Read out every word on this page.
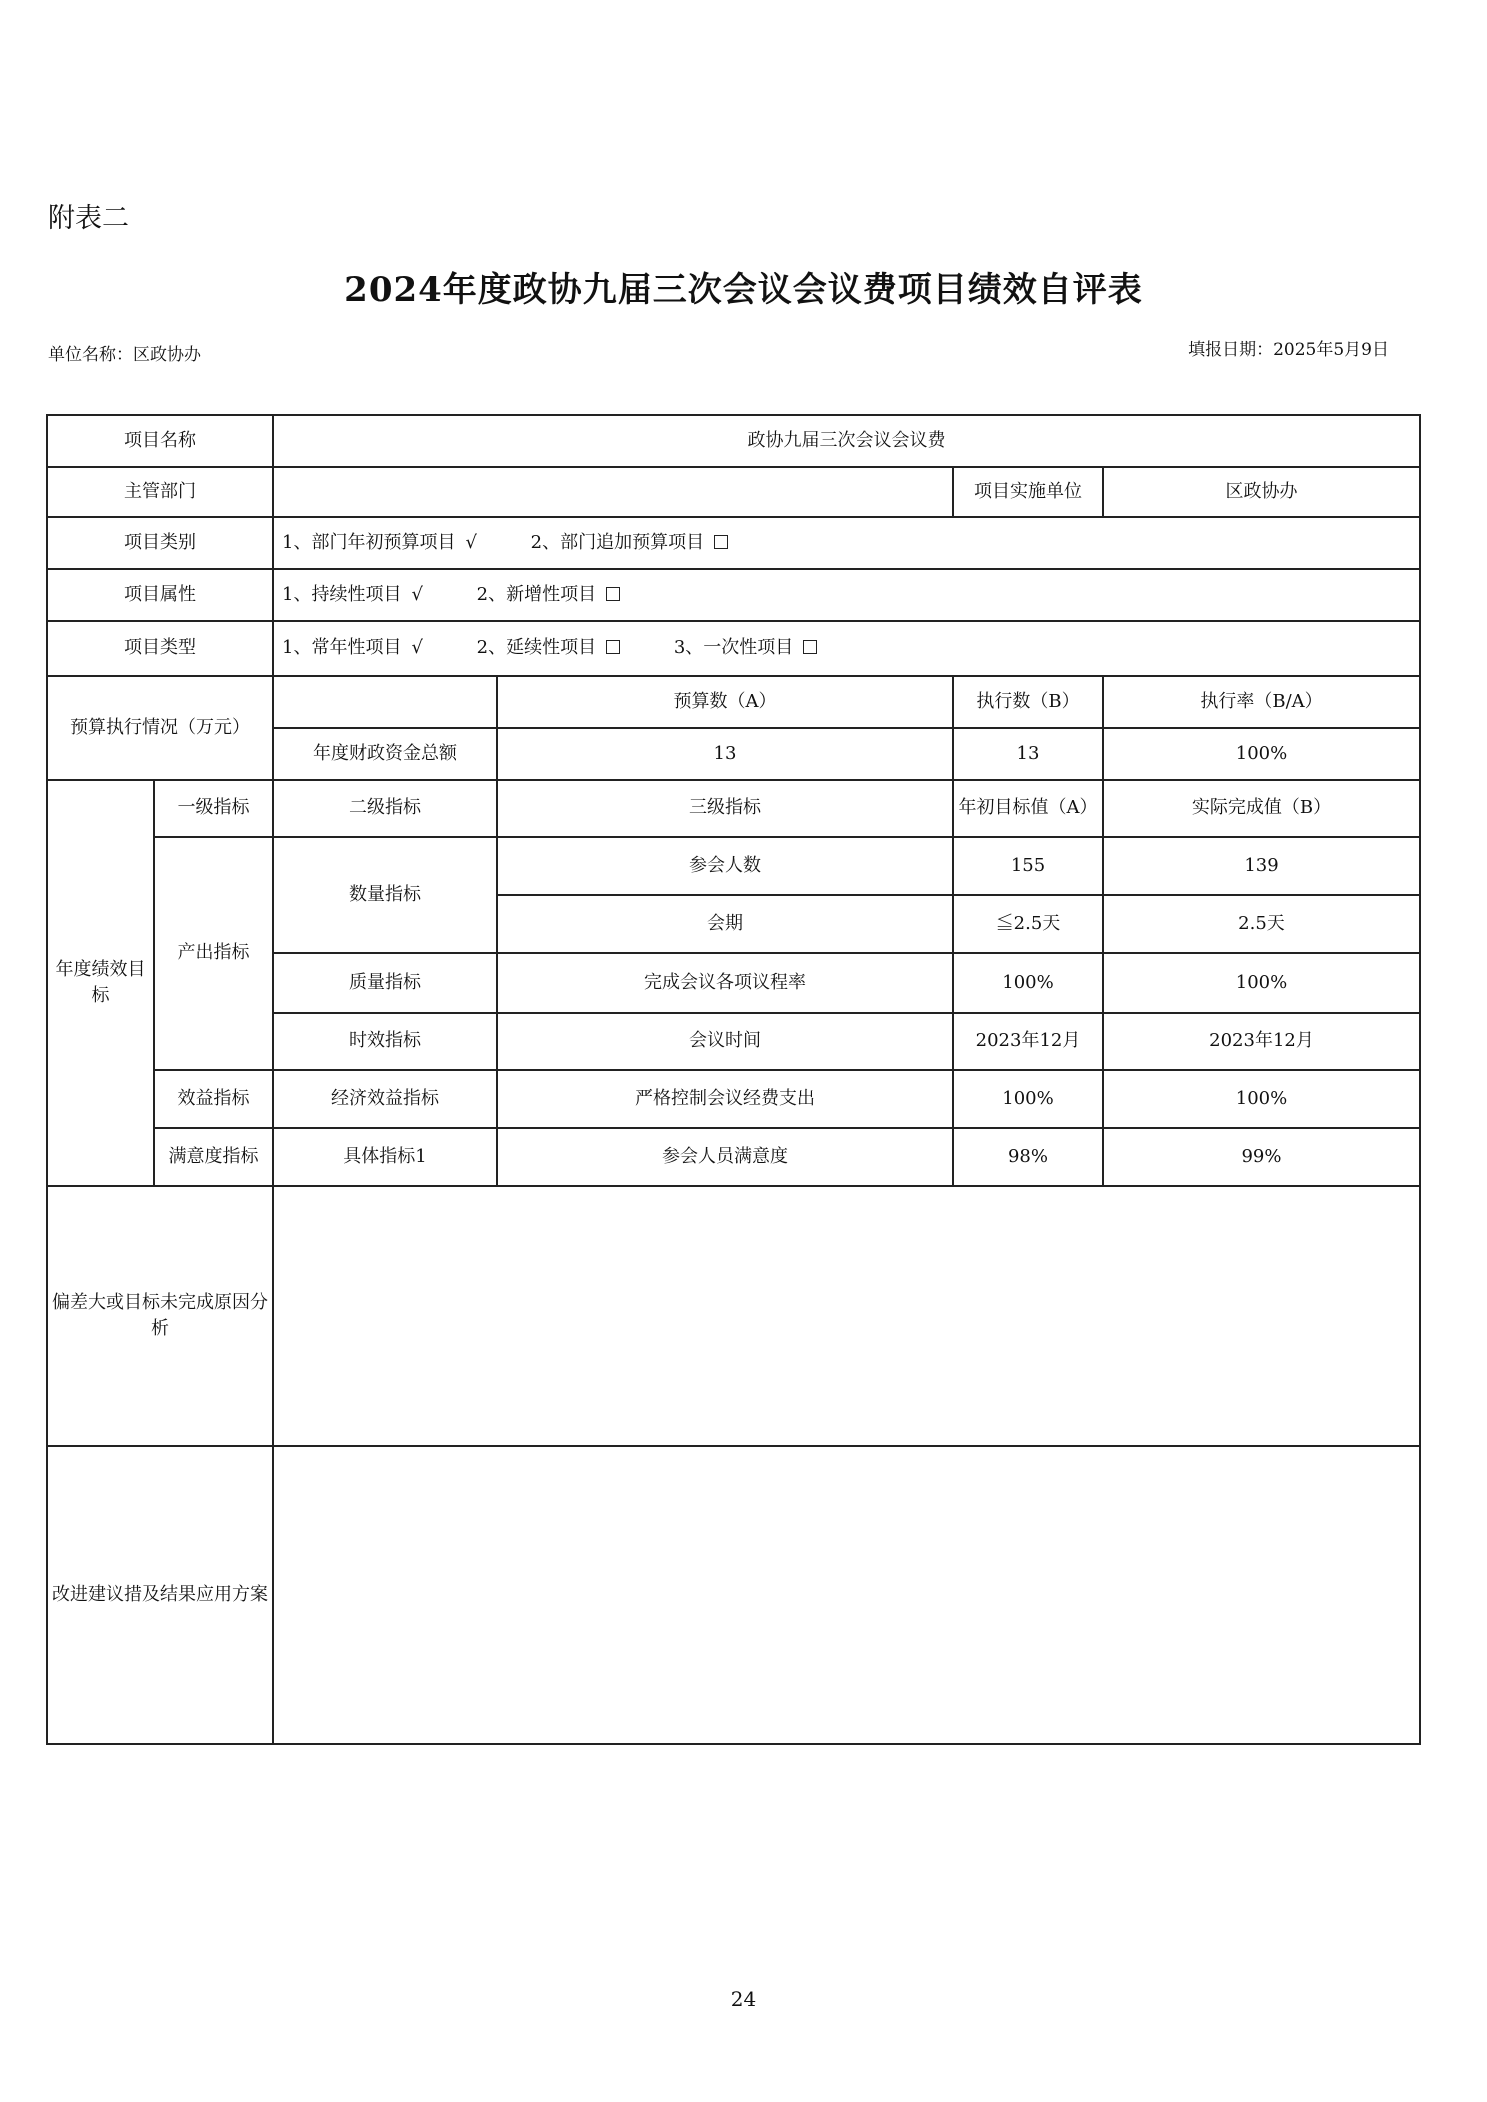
附表二
2024年度政协九届三次会议会议费项目绩效自评表
单位名称：区政协办	填报日期：2025年5月9日
项目名称		政协九届三次会议会议费			
主管部门				项目实施单位	区政协办
项目类别		1、部门年初预算项目 √ 2、部门追加预算项目			
项目属性		1、持续性项目 √ 2、新增性项目			
项目类型		1、常年性项目 √ 2、延续性项目 3、一次性项目			
预算执行情况（万元）			预算数（A）	执行数（B）	执行率（B/A）
		年度财政资金总额	13	13	100%
年度绩效目标	一级指标	二级指标	三级指标	年初目标值（A）	实际完成值（B）
	产出指标	数量指标	参会人数	155	139
			会期	≦2.5天	2.5天
		质量指标	完成会议各项议程率	100%	100%
		时效指标	会议时间	2023年12月	2023年12月
	效益指标	经济效益指标	严格控制会议经费支出	100%	100%
	满意度指标	具体指标1	参会人员满意度	98%	99%
偏差大或目标未完成原因分析					
改进建议措及结果应用方案					
24
